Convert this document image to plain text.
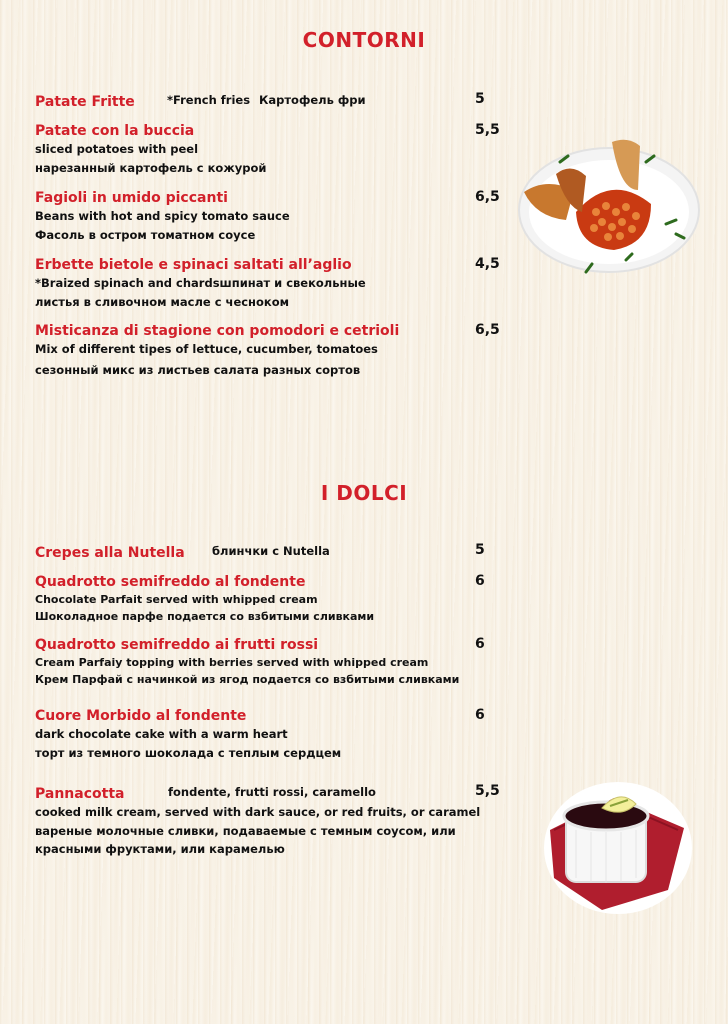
CONTORNI
Patate Fritte	*French fries Картофель фри	5
Patate con la buccia
sliced potatoes with peel
нарезанный картофель с кожурой
5,5
Fagioli in umido piccanti
Beans with hot and spicy tomato sauce
Фасоль в остром томатном соусе
6,5
Erbette bietole e spinaci saltati all’aglio
*Braized spinach and chardsшпинат и свекольные
листья в сливочном масле с чесноком
4,5
Misticanza di stagione con pomodori e cetrioli
Mix of different tipes of lettuce, cucumber, tomatoes
сезонный микс из листьев салата разных сортов
6,5
I DOLCI
Crepes alla Nutella блинчки с Nutella	5
Quadrotto semifreddo al fondente
Chocolate Parfait served with whipped cream
Шоколадное парфе подается со взбитыми сливками
6
Quadrotto semifreddo ai frutti rossi
Cream Parfaiy topping with berries served with whipped cream
Крем Парфай с начинкой из ягод подается со взбитыми сливками
6
Cuore Morbido al fondente
dark chocolate cake with a warm heart
торт из темного шоколада с теплым сердцем
6
Pannacotta	fondente, frutti rossi, caramello
cooked milk cream, served with dark sauce, or red fruits, or caramel
вареные молочные сливки, подаваемые с темным соусом, или
красными фруктами, или карамелью
5,5
